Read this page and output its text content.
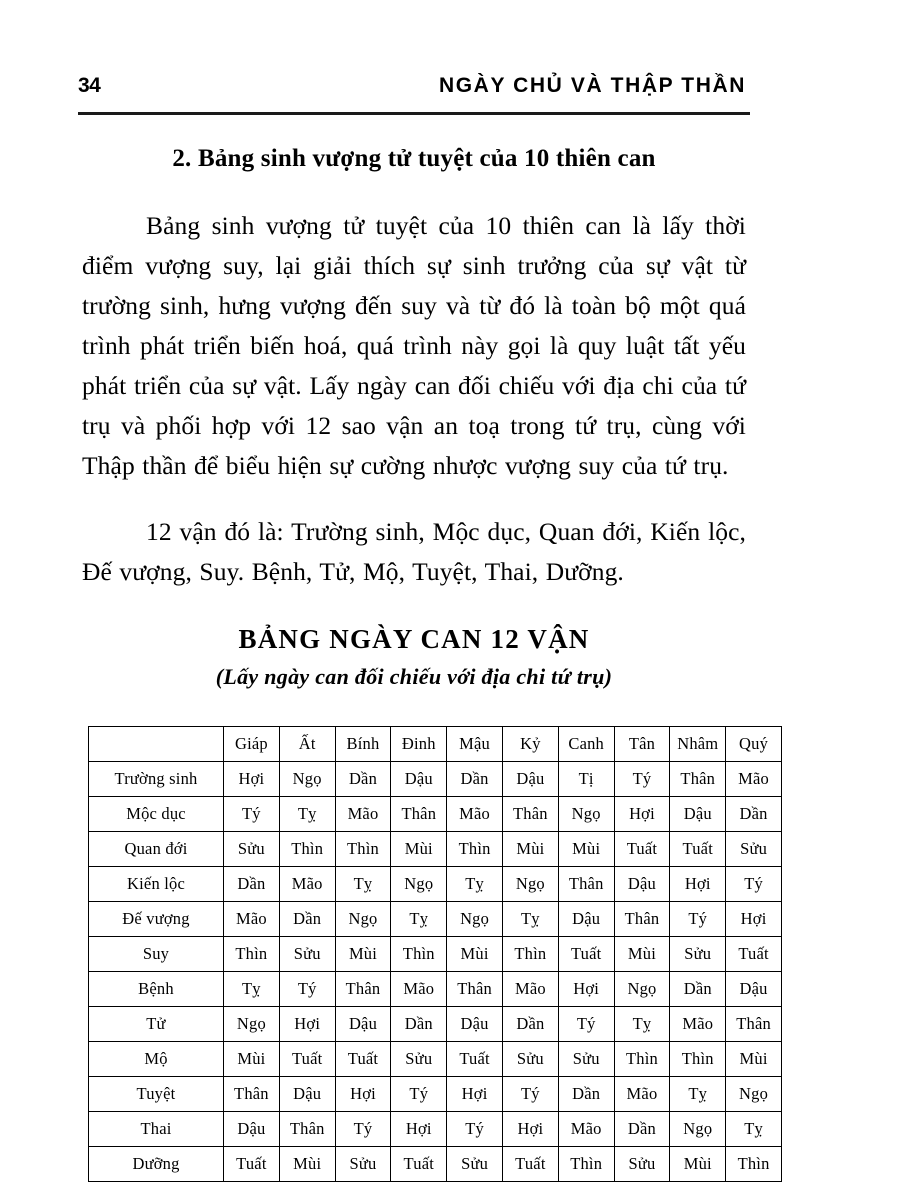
34	NGÀY CHỦ VÀ THẬP THẦN
2. Bảng sinh vượng tử tuyệt của 10 thiên can

Bảng sinh vượng tử tuyệt của 10 thiên can là lấy thời điểm vượng suy, lại giải thích sự sinh trưởng của sự vật từ trường sinh, hưng vượng đến suy và từ đó là toàn bộ một quá trình phát triển biến hoá, quá trình này gọi là quy luật tất yếu phát triển của sự vật. Lấy ngày can đối chiếu với địa chi của tứ trụ và phối hợp với 12 sao vận an toạ trong tứ trụ, cùng với Thập thần để biểu hiện sự cường nhược vượng suy của tứ trụ.

12 vận đó là: Trường sinh, Mộc dục, Quan đới, Kiến lộc, Đế vượng, Suy. Bệnh, Tử, Mộ, Tuyệt, Thai, Dưỡng.

BẢNG NGÀY CAN 12 VẬN
(Lấy ngày can đối chiếu với địa chi tứ trụ)
	Giáp	Ất	Bính	Đinh	Mậu	Kỷ	Canh	Tân	Nhâm	Quý
Trường sinh	Hợi	Ngọ	Dần	Dậu	Dần	Dậu	Tị	Tý	Thân	Mão
Mộc dục	Tý	Tỵ	Mão	Thân	Mão	Thân	Ngọ	Hợi	Dậu	Dần
Quan đới	Sửu	Thìn	Thìn	Mùi	Thìn	Mùi	Mùi	Tuất	Tuất	Sửu
Kiến lộc	Dần	Mão	Tỵ	Ngọ	Tỵ	Ngọ	Thân	Dậu	Hợi	Tý
Đế vượng	Mão	Dần	Ngọ	Tỵ	Ngọ	Tỵ	Dậu	Thân	Tý	Hợi
Suy	Thìn	Sửu	Mùi	Thìn	Mùi	Thìn	Tuất	Mùi	Sửu	Tuất
Bệnh	Tỵ	Tý	Thân	Mão	Thân	Mão	Hợi	Ngọ	Dần	Dậu
Tử	Ngọ	Hợi	Dậu	Dần	Dậu	Dần	Tý	Tỵ	Mão	Thân
Mộ	Mùi	Tuất	Tuất	Sửu	Tuất	Sửu	Sửu	Thìn	Thìn	Mùi
Tuyệt	Thân	Dậu	Hợi	Tý	Hợi	Tý	Dần	Mão	Tỵ	Ngọ
Thai	Dậu	Thân	Tý	Hợi	Tý	Hợi	Mão	Dần	Ngọ	Tỵ
Dưỡng	Tuất	Mùi	Sửu	Tuất	Sửu	Tuất	Thìn	Sửu	Mùi	Thìn
